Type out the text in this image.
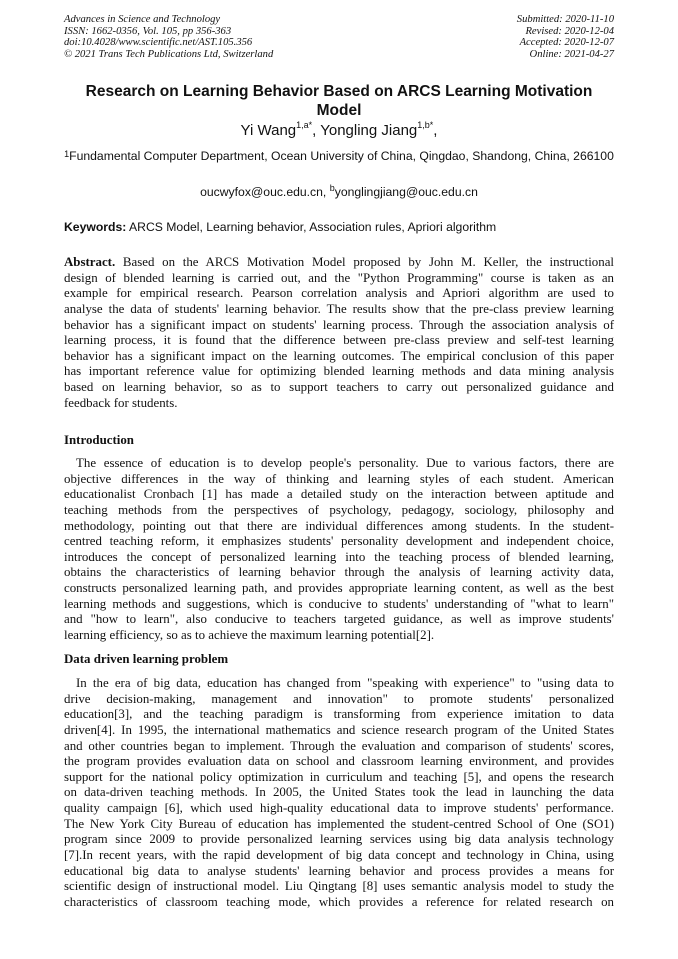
Advances in Science and Technology
ISSN: 1662-0356, Vol. 105, pp 356-363
doi:10.4028/www.scientific.net/AST.105.356
© 2021 Trans Tech Publications Ltd, Switzerland
Submitted: 2020-11-10
Revised: 2020-12-04
Accepted: 2020-12-07
Online: 2021-04-27
Research on Learning Behavior Based on ARCS Learning Motivation Model
Yi Wang$^{1,a*}$, Yongling Jiang$^{1,b*}$,
$^1$Fundamental Computer Department, Ocean University of China, Qingdao, Shandong, China, 266100
oucwyfox@ouc.edu.cn, $^b$yonglingjiang@ouc.edu.cn
Keywords: ARCS Model, Learning behavior, Association rules, Apriori algorithm
Abstract. Based on the ARCS Motivation Model proposed by John M. Keller, the instructional
design of blended learning is carried out, and the "Python Programming" course is taken as an
example for empirical research. Pearson correlation analysis and Apriori algorithm are used to
analyse the data of students' learning behavior. The results show that the pre-class preview learning
behavior has a significant impact on students' learning process. Through the association analysis of
learning process, it is found that the difference between pre-class preview and self-test learning
behavior has a significant impact on the learning outcomes. The empirical conclusion of this paper
has important reference value for optimizing blended learning methods and data mining analysis
based on learning behavior, so as to support teachers to carry out personalized guidance and
feedback for students.
Introduction
The essence of education is to develop people's personality. Due to various factors, there are
objective differences in the way of thinking and learning styles of each student. American
educationalist Cronbach [1] has made a detailed study on the interaction between aptitude and
teaching methods from the perspectives of psychology, pedagogy, sociology, philosophy and
methodology, pointing out that there are individual differences among students. In the student-
centred teaching reform, it emphasizes students' personality development and independent choice,
introduces the concept of personalized learning into the teaching process of blended learning,
obtains the characteristics of learning behavior through the analysis of learning activity data,
constructs personalized learning path, and provides appropriate learning content, as well as the best
learning methods and suggestions, which is conducive to students' understanding of "what to learn"
and "how to learn", also conducive to teachers targeted guidance, as well as improve students'
learning efficiency, so as to achieve the maximum learning potential[2].
Data driven learning problem
In the era of big data, education has changed from "speaking with experience" to "using data to
drive decision-making, management and innovation" to promote students' personalized
education[3], and the teaching paradigm is transforming from experience imitation to data
driven[4]. In 1995, the international mathematics and science research program of the United States
and other countries began to implement. Through the evaluation and comparison of students' scores,
the program provides evaluation data on school and classroom learning environment, and provides
support for the national policy optimization in curriculum and teaching [5], and opens the research
on data-driven teaching methods. In 2005, the United States took the lead in launching the data
quality campaign [6], which used high-quality educational data to improve students' performance.
The New York City Bureau of education has implemented the student-centred School of One (SO1)
program since 2009 to provide personalized learning services using big data analysis technology
[7].In recent years, with the rapid development of big data concept and technology in China, using
educational big data to analyse students' learning behavior and process provides a means for
scientific design of instructional model. Liu Qingtang [8] uses semantic analysis model to study the
characteristics of classroom teaching mode, which provides a reference for related research on
